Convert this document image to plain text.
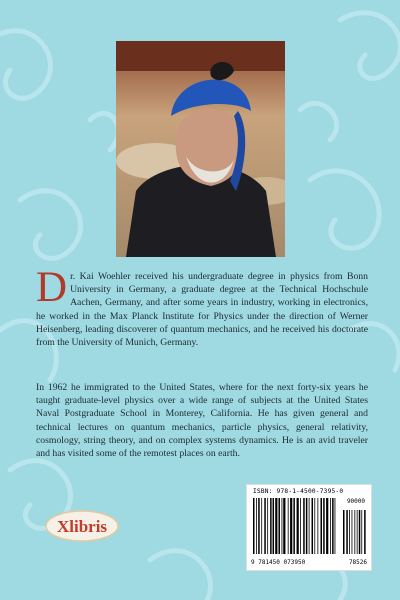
Dr. Kai Woehler received his undergraduate degree in physics from Bonn University in Germany, a graduate degree at the Technical Hochschule Aachen, Germany, and after some years in industry, working in electronics, he worked in the Max Planck Institute for Physics under the direction of Werner Heisenberg, leading discoverer of quantum mechanics, and he received his doctorate from the University of Munich, Germany.
In 1962 he immigrated to the United States, where for the next forty-six years he taught graduate-level physics over a wide range of subjects at the United States Naval Postgraduate School in Monterey, California. He has given general and technical lectures on quantum mechanics, particle physics, general relativity, cosmology, string theory, and on complex systems dynamics. He is an avid traveler and has visited some of the remotest places on earth.
Xlibris
ISBN: 978-1-4500-7395-0
90000
9 781450 073950	78526
